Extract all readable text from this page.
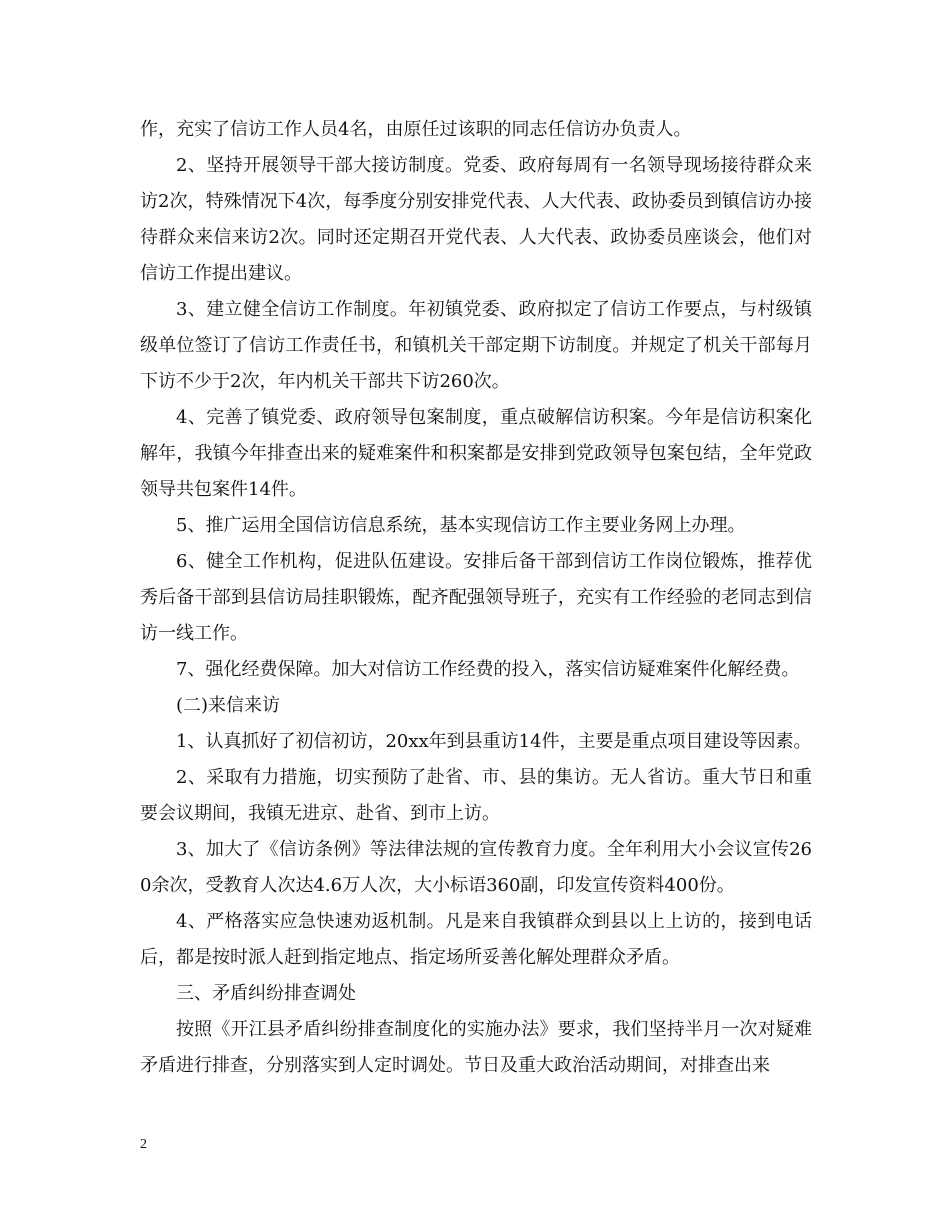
作，充实了信访工作人员4名，由原任过该职的同志任信访办负责人。

2、坚持开展领导干部大接访制度。党委、政府每周有一名领导现场接待群众来访2次，特殊情况下4次，每季度分别安排党代表、人大代表、政协委员到镇信访办接待群众来信来访2次。同时还定期召开党代表、人大代表、政协委员座谈会，他们对信访工作提出建议。

3、建立健全信访工作制度。年初镇党委、政府拟定了信访工作要点，与村级镇级单位签订了信访工作责任书，和镇机关干部定期下访制度。并规定了机关干部每月下访不少于2次，年内机关干部共下访260次。

4、完善了镇党委、政府领导包案制度，重点破解信访积案。今年是信访积案化解年，我镇今年排查出来的疑难案件和积案都是安排到党政领导包案包结，全年党政领导共包案件14件。

5、推广运用全国信访信息系统，基本实现信访工作主要业务网上办理。

6、健全工作机构，促进队伍建设。安排后备干部到信访工作岗位锻炼，推荐优秀后备干部到县信访局挂职锻炼，配齐配强领导班子，充实有工作经验的老同志到信访一线工作。

7、强化经费保障。加大对信访工作经费的投入，落实信访疑难案件化解经费。

(二)来信来访

1、认真抓好了初信初访，20xx年到县重访14件，主要是重点项目建设等因素。

2、采取有力措施，切实预防了赴省、市、县的集访。无人省访。重大节日和重要会议期间，我镇无进京、赴省、到市上访。

3、加大了《信访条例》等法律法规的宣传教育力度。全年利用大小会议宣传260余次，受教育人次达4.6万人次，大小标语360副，印发宣传资料400份。

4、严格落实应急快速劝返机制。凡是来自我镇群众到县以上上访的，接到电话后，都是按时派人赶到指定地点、指定场所妥善化解处理群众矛盾。

三、矛盾纠纷排查调处

按照《开江县矛盾纠纷排查制度化的实施办法》要求，我们坚持半月一次对疑难矛盾进行排查，分别落实到人定时调处。节日及重大政治活动期间，对排查出来

2
